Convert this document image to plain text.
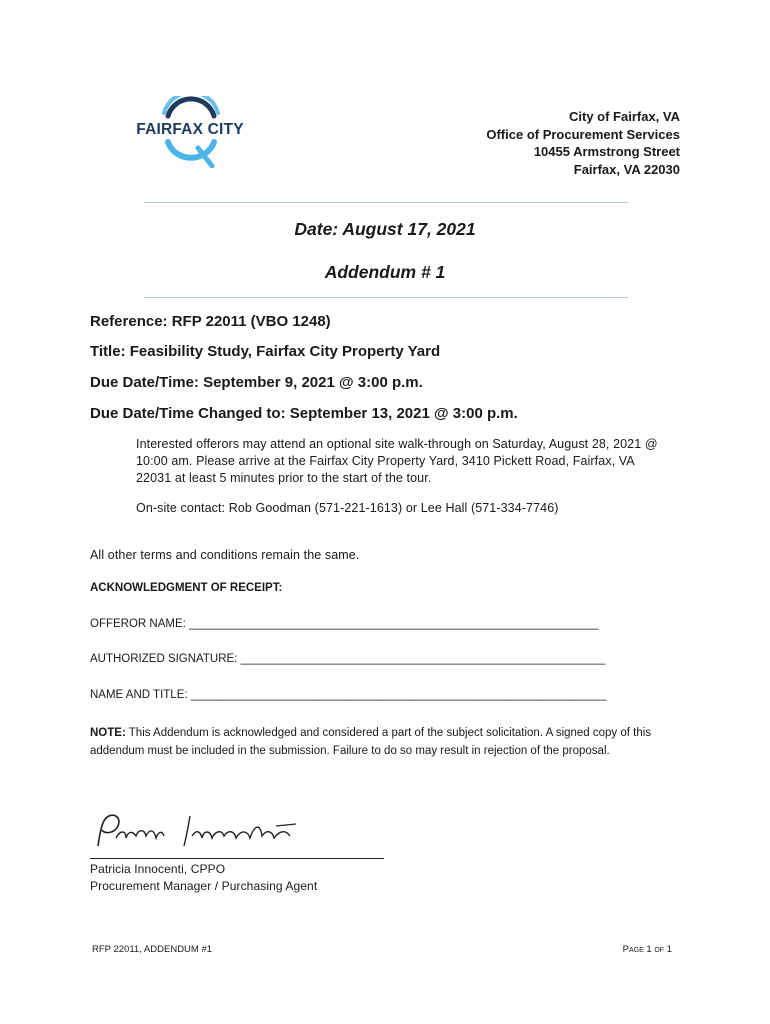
FAIRFAX CITY
City of Fairfax, VA
Office of Procurement Services
10455 Armstrong Street
Fairfax, VA 22030
Date: August 17, 2021
Addendum # 1
Reference: RFP 22011 (VBO 1248)
Title: Feasibility Study, Fairfax City Property Yard
Due Date/Time: September 9, 2021 @ 3:00 p.m.
Due Date/Time Changed to: September 13, 2021 @ 3:00 p.m.
Interested offerors may attend an optional site walk-through on Saturday, August 28, 2021 @ 10:00 am. Please arrive at the Fairfax City Property Yard, 3410 Pickett Road, Fairfax, VA 22031 at least 5 minutes prior to the start of the tour.
On-site contact: Rob Goodman (571-221-1613) or Lee Hall (571-334-7746)
All other terms and conditions remain the same.
ACKNOWLEDGMENT OF RECEIPT:
OFFEROR NAME: ________________________________________________________________
AUTHORIZED SIGNATURE: _________________________________________________________
NAME AND TITLE: _________________________________________________________________
NOTE: This Addendum is acknowledged and considered a part of the subject solicitation. A signed copy of this addendum must be included in the submission. Failure to do so may result in rejection of the proposal.
Patricia Innocenti, CPPO
Procurement Manager / Purchasing Agent
RFP 22011, ADDENDUM #1	Page 1 of 1
